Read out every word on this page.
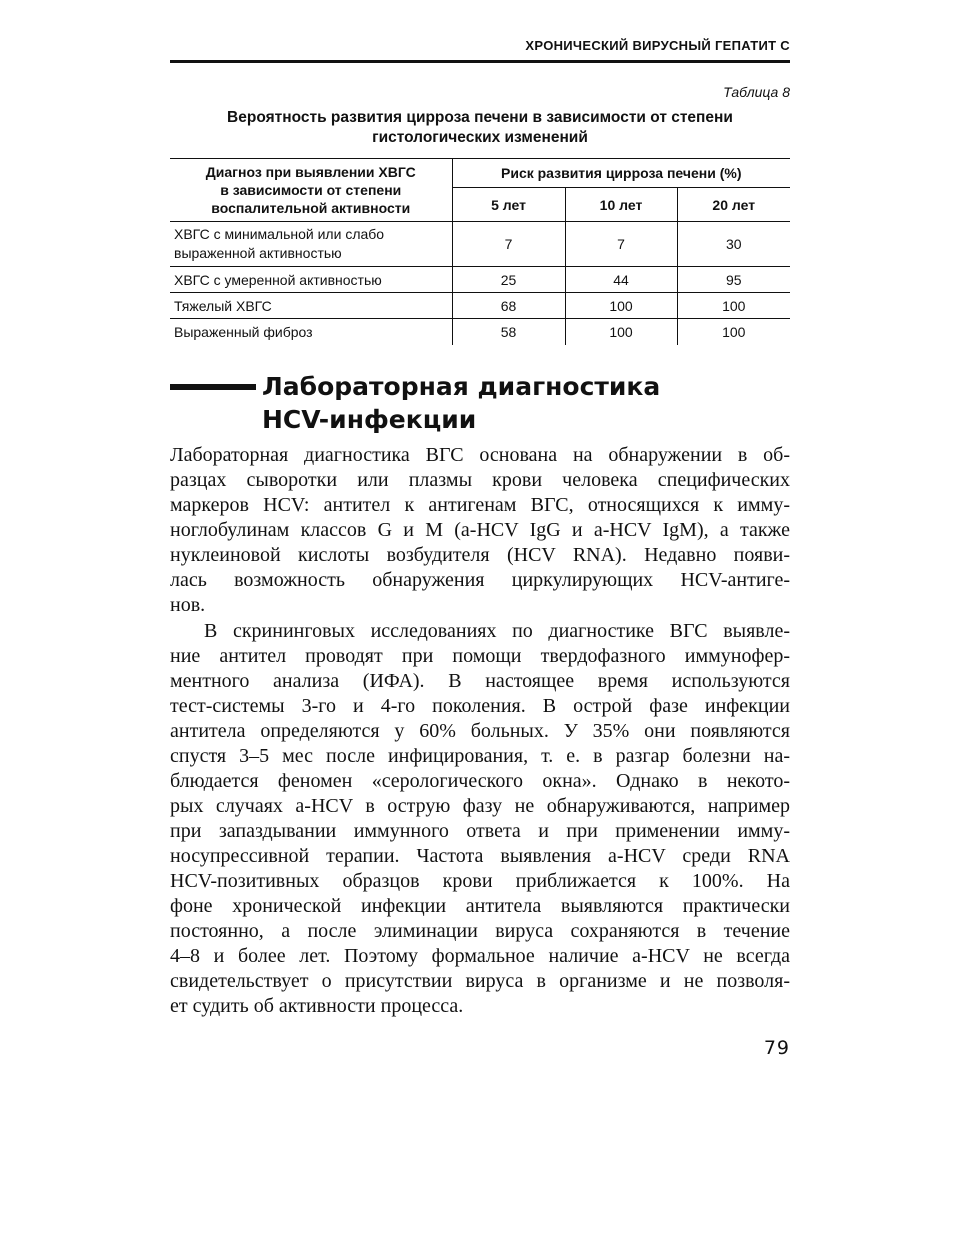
ХРОНИЧЕСКИЙ ВИРУСНЫЙ ГЕПАТИТ С
Таблица 8
Вероятность развития цирроза печени в зависимости от степени
гистологических изменений
Диагноз при выявлении ХВГС
в зависимости от степени
воспалительной активности	Риск развития цирроза печени (%)		
	5 лет	10 лет	20 лет

ХВГС с минимальной или слабо
выраженной активностью	7	7	30
ХВГС с умеренной активностью	25	44	95
Тяжелый ХВГС	68	100	100
Выраженный фиброз	58	100	100
Лабораторная диагностика
HCV-инфекции
Лабораторная диагностика ВГС основана на обнаружении в об-
разцах сыворотки или плазмы крови человека специфических
маркеров HCV: антител к антигенам ВГС, относящихся к имму-
ноглобулинам классов G и M (a-HCV IgG и a-HCV IgM), а также
нуклеиновой кислоты возбудителя (HCV RNA). Недавно появи-
лась возможность обнаружения циркулирующих HCV-антиге-
нов.
В скрининговых исследованиях по диагностике ВГС выявле-
ние антител проводят при помощи твердофазного иммунофер-
ментного анализа (ИФА). В настоящее время используются
тест-системы 3-го и 4-го поколения. В острой фазе инфекции
антитела определяются у 60% больных. У 35% они появляются
спустя 3–5 мес после инфицирования, т. е. в разгар болезни на-
блюдается феномен «серологического окна». Однако в некото-
рых случаях a-HCV в острую фазу не обнаруживаются, например
при запаздывании иммунного ответа и при применении имму-
носупрессивной терапии. Частота выявления a-HCV среди RNA
HCV-позитивных образцов крови приближается к 100%. На
фоне хронической инфекции антитела выявляются практически
постоянно, а после элиминации вируса сохраняются в течение
4–8 и более лет. Поэтому формальное наличие a-HCV не всегда
свидетельствует о присутствии вируса в организме и не позволя-
ет судить об активности процесса.
79
